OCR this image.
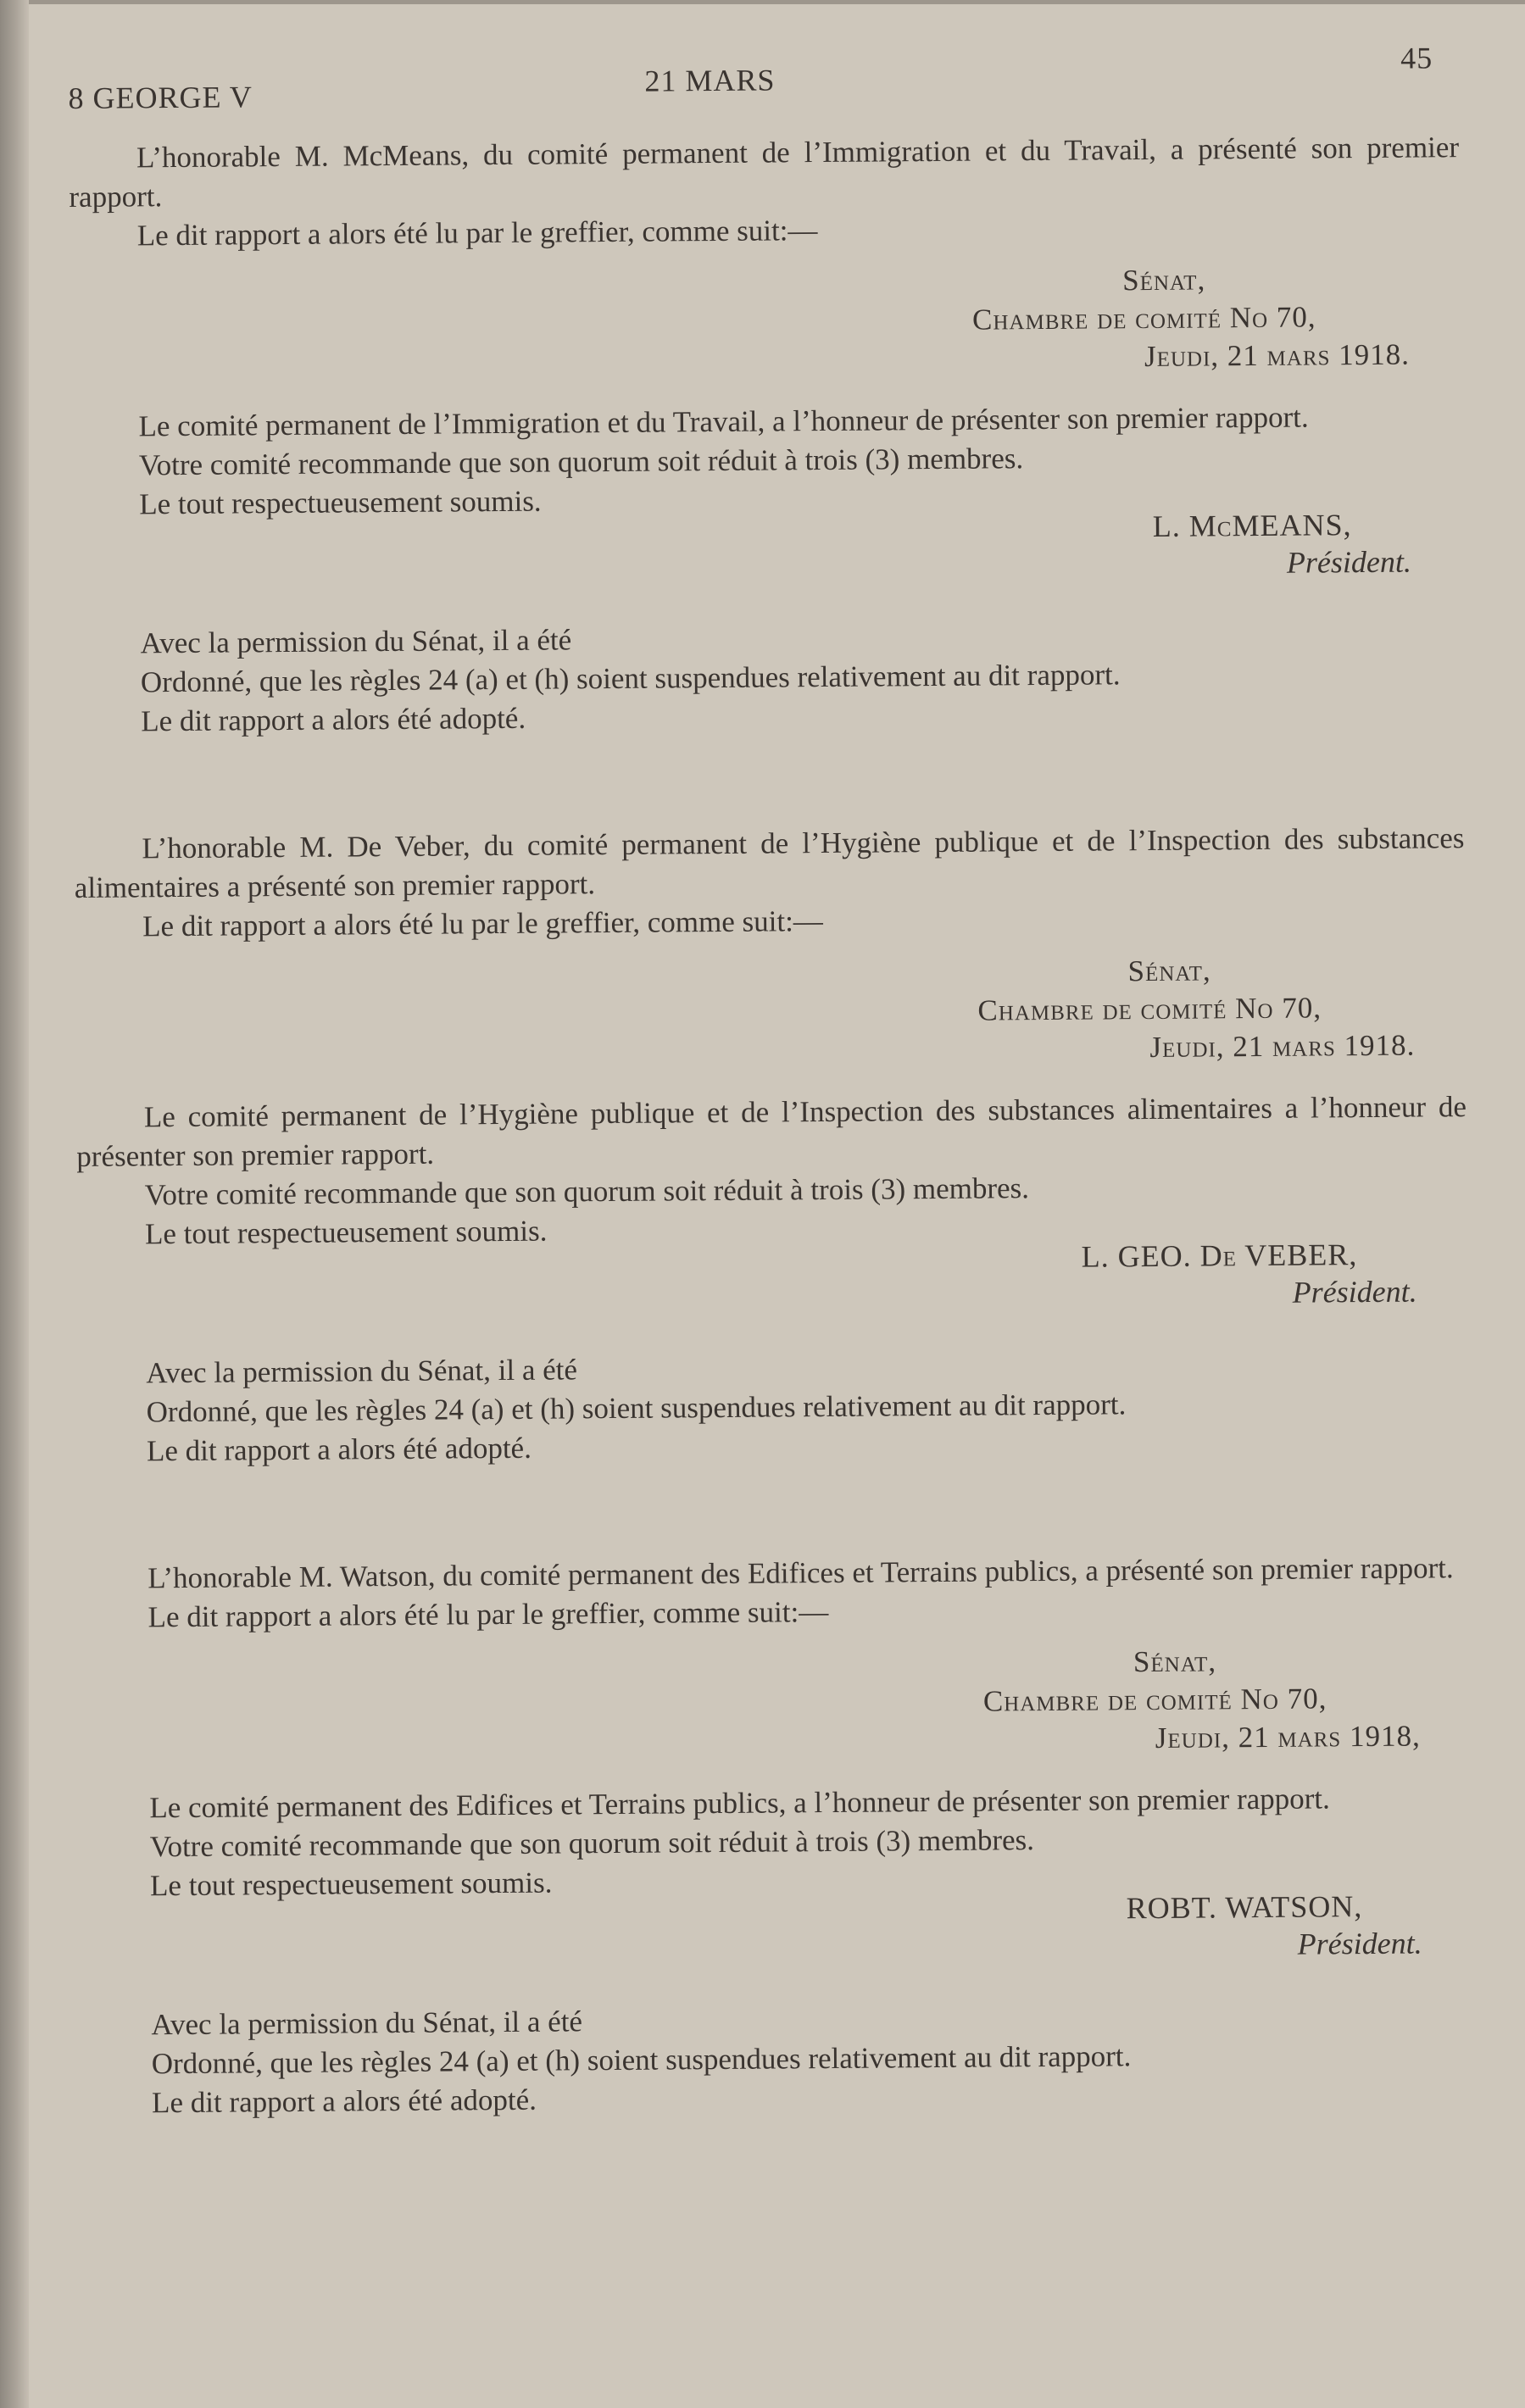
8 GEORGE V	21 MARS
45

L’honorable M. McMeans, du comité permanent de l’Immigration et du Travail, a présenté son premier rapport.

Le dit rapport a alors été lu par le greffier, comme suit:—

Sénat,
Chambre de comité No 70,
Jeudi, 21 mars 1918.

Le comité permanent de l’Immigration et du Travail, a l’honneur de présenter son premier rapport.

Votre comité recommande que son quorum soit réduit à trois (3) membres.

Le tout respectueusement soumis.

L. McMEANS,
Président.

Avec la permission du Sénat, il a été

Ordonné, que les règles 24 (a) et (h) soient suspendues relativement au dit rapport.

Le dit rapport a alors été adopté.

L’honorable M. De Veber, du comité permanent de l’Hygiène publique et de l’Inspection des substances alimentaires a présenté son premier rapport.

Le dit rapport a alors été lu par le greffier, comme suit:—

Sénat,
Chambre de comité No 70,
Jeudi, 21 mars 1918.

Le comité permanent de l’Hygiène publique et de l’Inspection des substances alimentaires a l’honneur de présenter son premier rapport.

Votre comité recommande que son quorum soit réduit à trois (3) membres.

Le tout respectueusement soumis.

L. GEO. De VEBER,
Président.

Avec la permission du Sénat, il a été

Ordonné, que les règles 24 (a) et (h) soient suspendues relativement au dit rapport.

Le dit rapport a alors été adopté.

L’honorable M. Watson, du comité permanent des Edifices et Terrains publics, a présenté son premier rapport.

Le dit rapport a alors été lu par le greffier, comme suit:—

Sénat,
Chambre de comité No 70,
Jeudi, 21 mars 1918,

Le comité permanent des Edifices et Terrains publics, a l’honneur de présenter son premier rapport.

Votre comité recommande que son quorum soit réduit à trois (3) membres.

Le tout respectueusement soumis.

ROBT. WATSON,
Président.

Avec la permission du Sénat, il a été

Ordonné, que les règles 24 (a) et (h) soient suspendues relativement au dit rapport.

Le dit rapport a alors été adopté.
